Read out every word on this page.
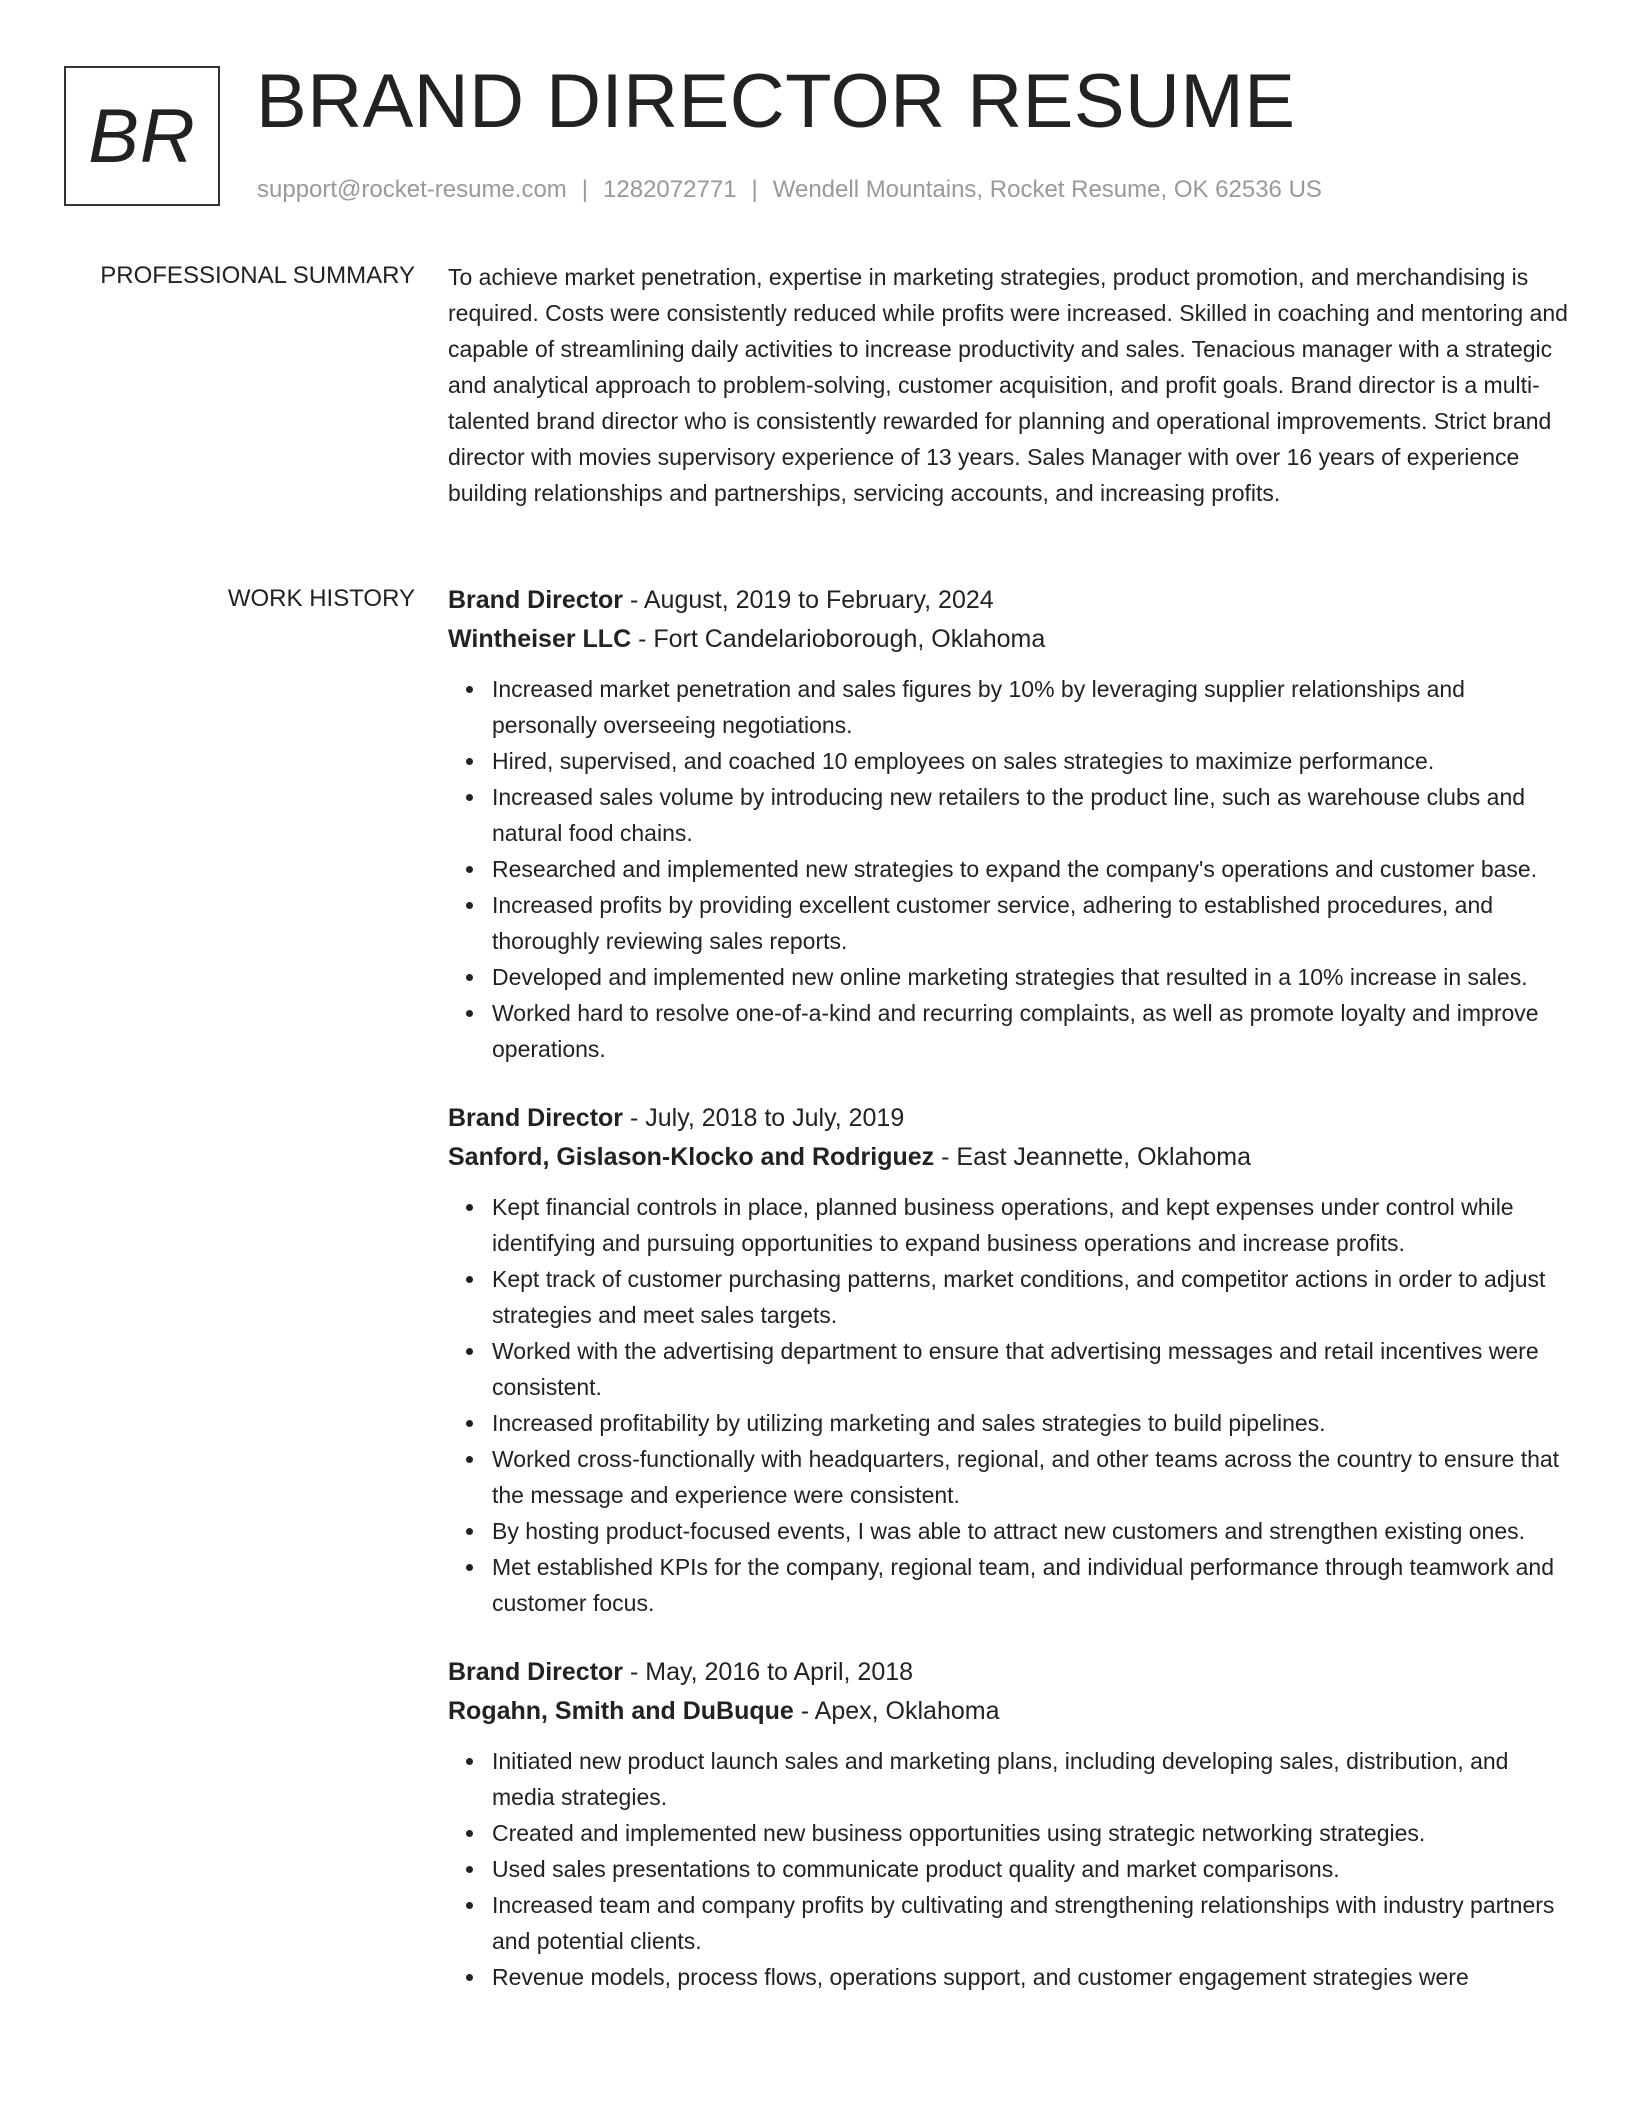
BR BRAND DIRECTOR RESUME
support@rocket-resume.com | 1282072771 | Wendell Mountains, Rocket Resume, OK 62536 US
PROFESSIONAL SUMMARY To achieve market penetration, expertise in marketing strategies, product promotion, and merchandising is required. Costs were consistently reduced while profits were increased. Skilled in coaching and mentoring and capable of streamlining daily activities to increase productivity and sales. Tenacious manager with a strategic and analytical approach to problem-solving, customer acquisition, and profit goals. Brand director is a multi-talented brand director who is consistently rewarded for planning and operational improvements. Strict brand director with movies supervisory experience of 13 years. Sales Manager with over 16 years of experience building relationships and partnerships, servicing accounts, and increasing profits.

WORK HISTORY Brand Director - August, 2019 to February, 2024
Wintheiser LLC - Fort Candelarioborough, Oklahoma
Increased market penetration and sales figures by 10% by leveraging supplier relationships and personally overseeing negotiations.
Hired, supervised, and coached 10 employees on sales strategies to maximize performance.
Increased sales volume by introducing new retailers to the product line, such as warehouse clubs and natural food chains.
Researched and implemented new strategies to expand the company's operations and customer base.
Increased profits by providing excellent customer service, adhering to established procedures, and thoroughly reviewing sales reports.
Developed and implemented new online marketing strategies that resulted in a 10% increase in sales.
Worked hard to resolve one-of-a-kind and recurring complaints, as well as promote loyalty and improve operations.
Brand Director - July, 2018 to July, 2019
Sanford, Gislason-Klocko and Rodriguez - East Jeannette, Oklahoma
Kept financial controls in place, planned business operations, and kept expenses under control while identifying and pursuing opportunities to expand business operations and increase profits.
Kept track of customer purchasing patterns, market conditions, and competitor actions in order to adjust strategies and meet sales targets.
Worked with the advertising department to ensure that advertising messages and retail incentives were consistent.
Increased profitability by utilizing marketing and sales strategies to build pipelines.
Worked cross-functionally with headquarters, regional, and other teams across the country to ensure that the message and experience were consistent.
By hosting product-focused events, I was able to attract new customers and strengthen existing ones.
Met established KPIs for the company, regional team, and individual performance through teamwork and customer focus.
Brand Director - May, 2016 to April, 2018
Rogahn, Smith and DuBuque - Apex, Oklahoma
Initiated new product launch sales and marketing plans, including developing sales, distribution, and media strategies.
Created and implemented new business opportunities using strategic networking strategies.
Used sales presentations to communicate product quality and market comparisons.
Increased team and company profits by cultivating and strengthening relationships with industry partners and potential clients.
Revenue models, process flows, operations support, and customer engagement strategies were
